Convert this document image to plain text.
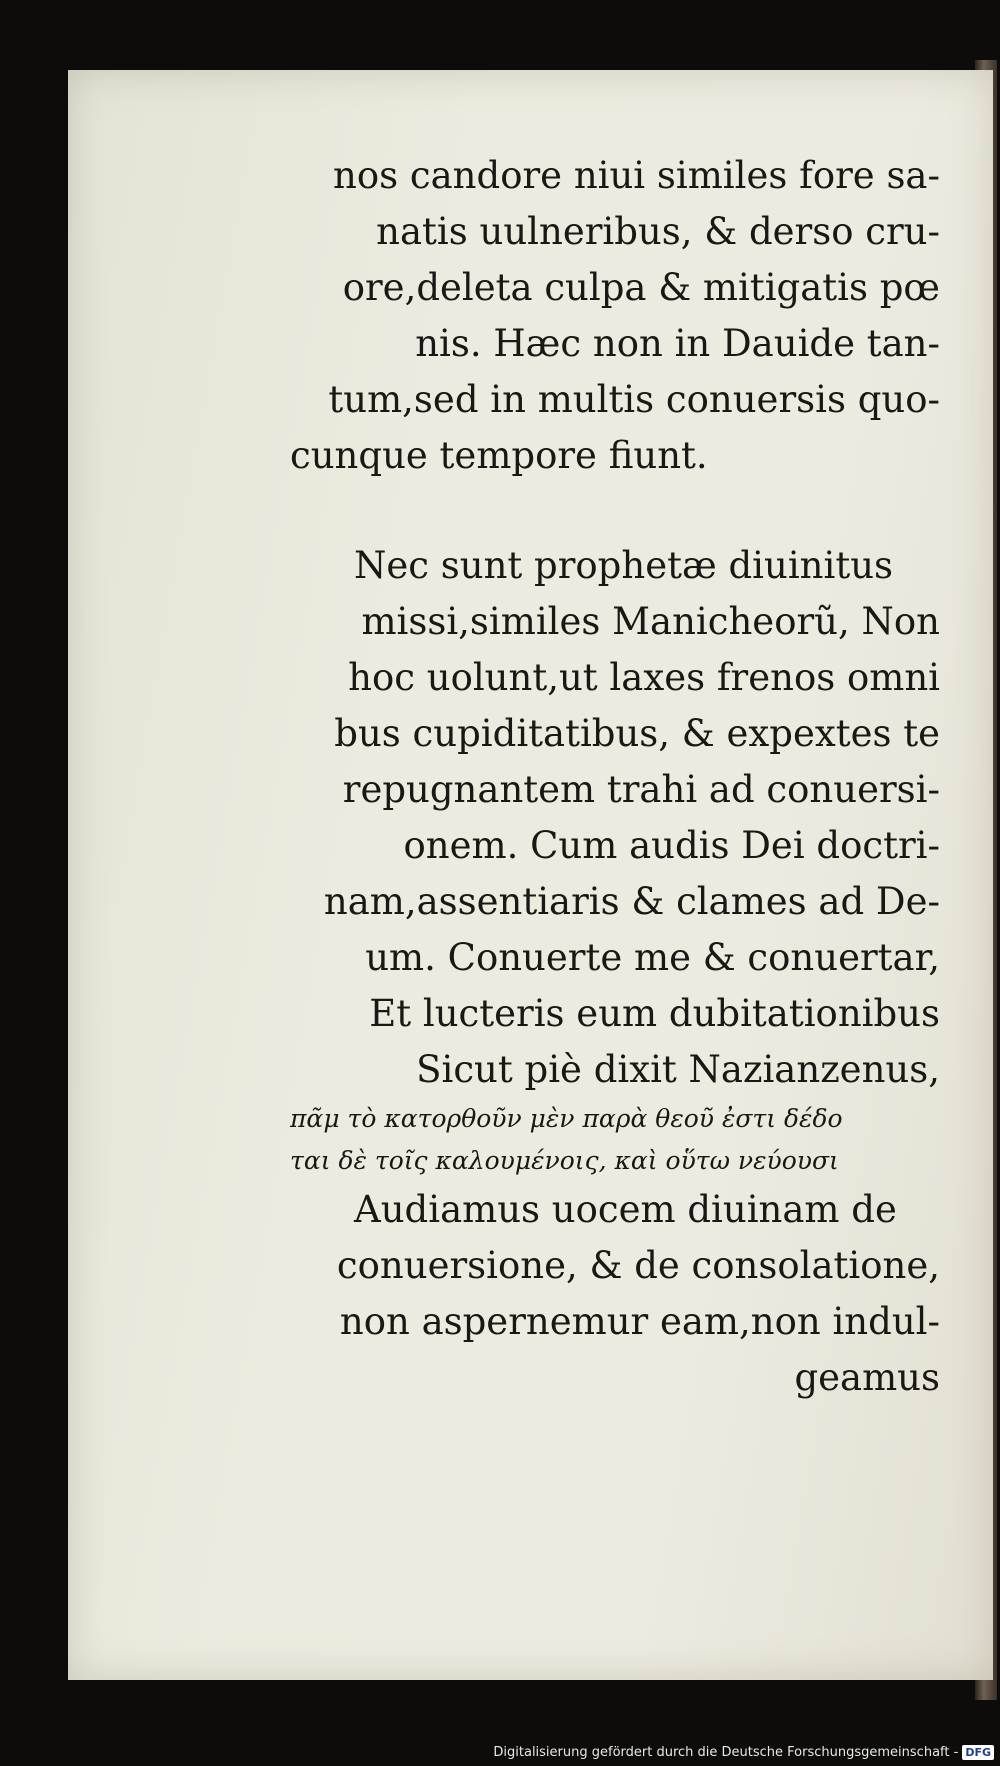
nos candore niui similes fore sa-
natis uulneribus, & derso cru-
ore,deleta culpa & mitigatis pœ
nis. Hæc non in Dauide tan-
tum,sed in multis conuersis quo-
cunque tempore fiunt.
Nec sunt prophetæ diuinitus
missi,similes Manicheorũ, Non
hoc uolunt,ut laxes frenos omni
bus cupiditatibus, & expextes te
repugnantem trahi ad conuersi-
onem. Cum audis Dei doctri-
nam,assentiaris & clames ad De-
um. Conuerte me & conuertar,
Et lucteris eum dubitationibus
Sicut piè dixit Nazianzenus,
πᾶμ τὸ κατορθοῦν μὲν παρὰ θεοῦ ἐστι δέδο
ται δὲ τοῖς καλουμένοις, καὶ οὕτω νεύουσι
Audiamus uocem diuinam de
conuersione, & de consolatione,
non aspernemur eam,non indul-
geamus
Digitalisierung gefördert durch die Deutsche Forschungsgemeinschaft - DFG
